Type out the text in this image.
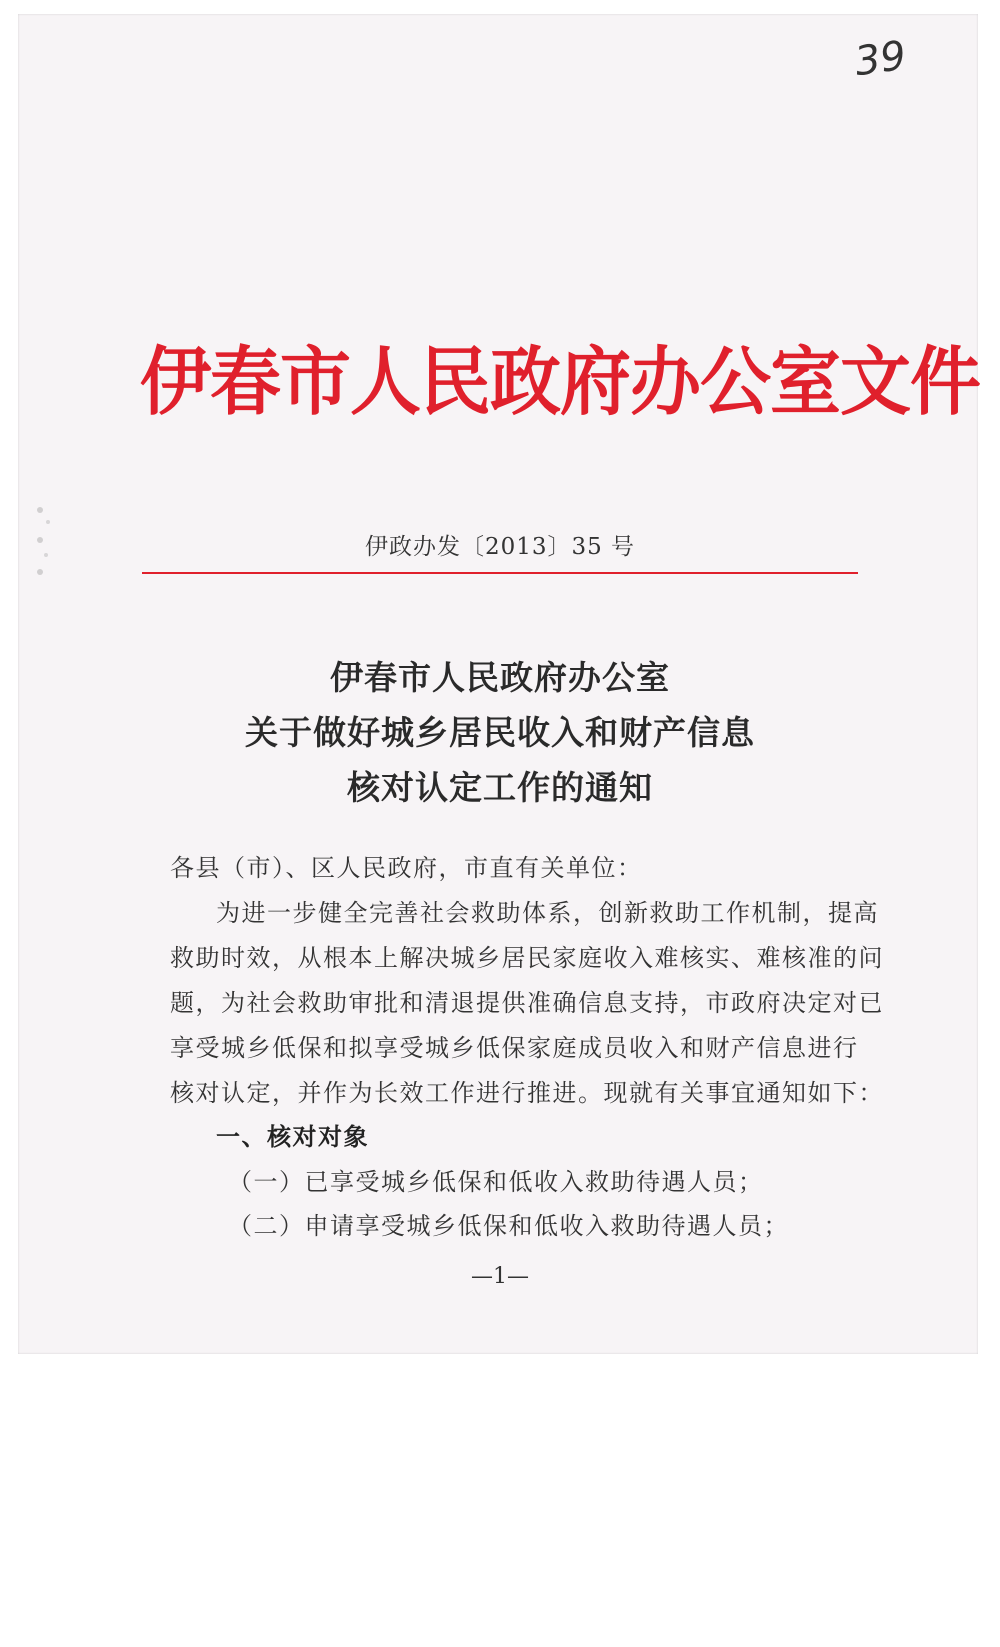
39
伊春市人民政府办公室文件
伊政办发〔2013〕35 号
伊春市人民政府办公室
关于做好城乡居民收入和财产信息
核对认定工作的通知
各县（市）、区人民政府，市直有关单位：
为进一步健全完善社会救助体系，创新救助工作机制，提高
救助时效，从根本上解决城乡居民家庭收入难核实、难核准的问
题，为社会救助审批和清退提供准确信息支持，市政府决定对已
享受城乡低保和拟享受城乡低保家庭成员收入和财产信息进行
核对认定，并作为长效工作进行推进。现就有关事宜通知如下：
一、核对对象
（一）已享受城乡低保和低收入救助待遇人员；
（二）申请享受城乡低保和低收入救助待遇人员；
—1—
